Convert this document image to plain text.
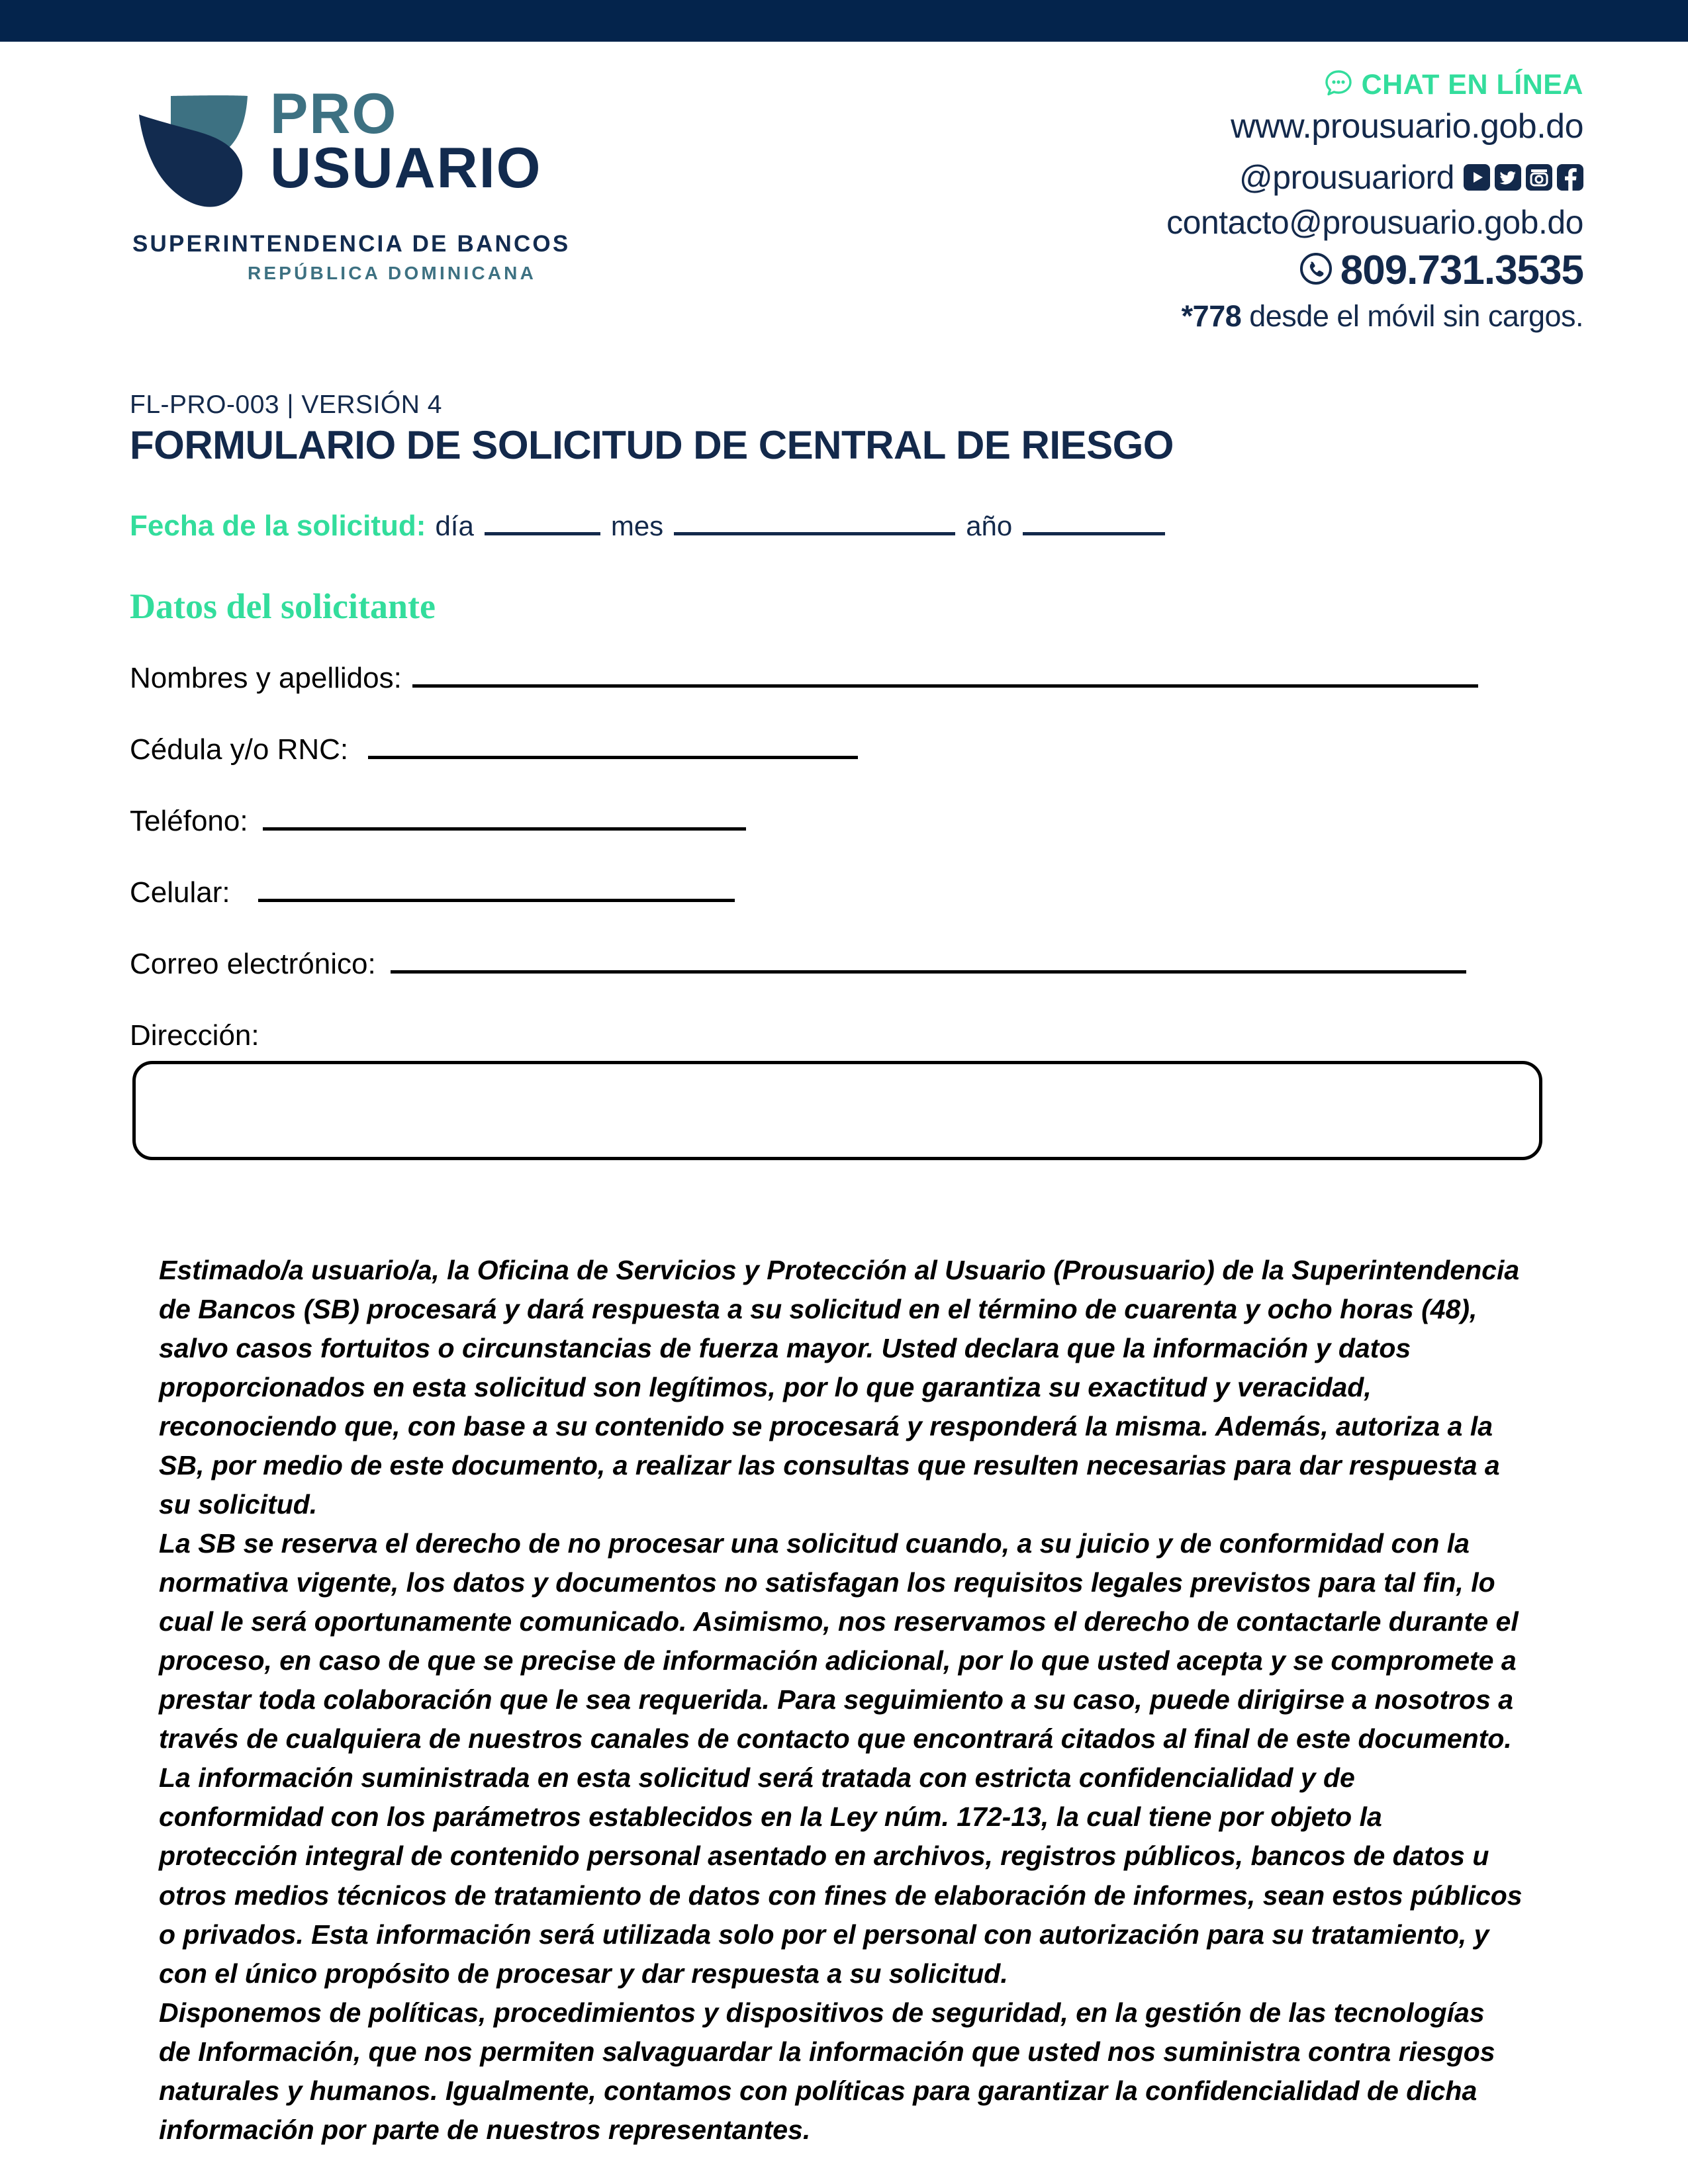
PRO
USUARIO
SUPERINTENDENCIA DE BANCOS
REPÚBLICA DOMINICANA
CHAT EN LÍNEA
www.prousuario.gob.do
@prousuariord
contacto@prousuario.gob.do
809.731.3535
*778 desde el móvil sin cargos.
FL-PRO-003 | VERSIÓN 4
FORMULARIO DE SOLICITUD DE CENTRAL DE RIESGO
Fecha de la solicitud: día	mes	año
Datos del solicitante
Nombres y apellidos:
Cédula y/o RNC:
Teléfono:
Celular:
Correo electrónico:
Dirección:

Estimado/a usuario/a, la Oficina de Servicios y Protección al Usuario (Prousuario) de la Superintendencia de Bancos (SB) procesará y dará respuesta a su solicitud en el término de cuarenta y ocho horas (48), salvo casos fortuitos o circunstancias de fuerza mayor. Usted declara que la información y datos proporcionados en esta solicitud son legítimos, por lo que garantiza su exactitud y veracidad, reconociendo que, con base a su contenido se procesará y responderá la misma. Además, autoriza a la SB, por medio de este documento, a realizar las consultas que resulten necesarias para dar respuesta a su solicitud.

La SB se reserva el derecho de no procesar una solicitud cuando, a su juicio y de conformidad con la normativa vigente, los datos y documentos no satisfagan los requisitos legales previstos para tal fin, lo cual le será oportunamente comunicado. Asimismo, nos reservamos el derecho de contactarle durante el proceso, en caso de que se precise de información adicional, por lo que usted acepta y se compromete a prestar toda colaboración que le sea requerida. Para seguimiento a su caso, puede dirigirse a nosotros a través de cualquiera de nuestros canales de contacto que encontrará citados al final de este documento.

La información suministrada en esta solicitud será tratada con estricta confidencialidad y de conformidad con los parámetros establecidos en la Ley núm. 172-13, la cual tiene por objeto la protección integral de contenido personal asentado en archivos, registros públicos, bancos de datos u otros medios técnicos de tratamiento de datos con fines de elaboración de informes, sean estos públicos o privados. Esta información será utilizada solo por el personal con autorización para su tratamiento, y con el único propósito de procesar y dar respuesta a su solicitud.

Disponemos de políticas, procedimientos y dispositivos de seguridad, en la gestión de las tecnologías de Información, que nos permiten salvaguardar la información que usted nos suministra contra riesgos naturales y humanos. Igualmente, contamos con políticas para garantizar la confidencialidad de dicha información por parte de nuestros representantes.
